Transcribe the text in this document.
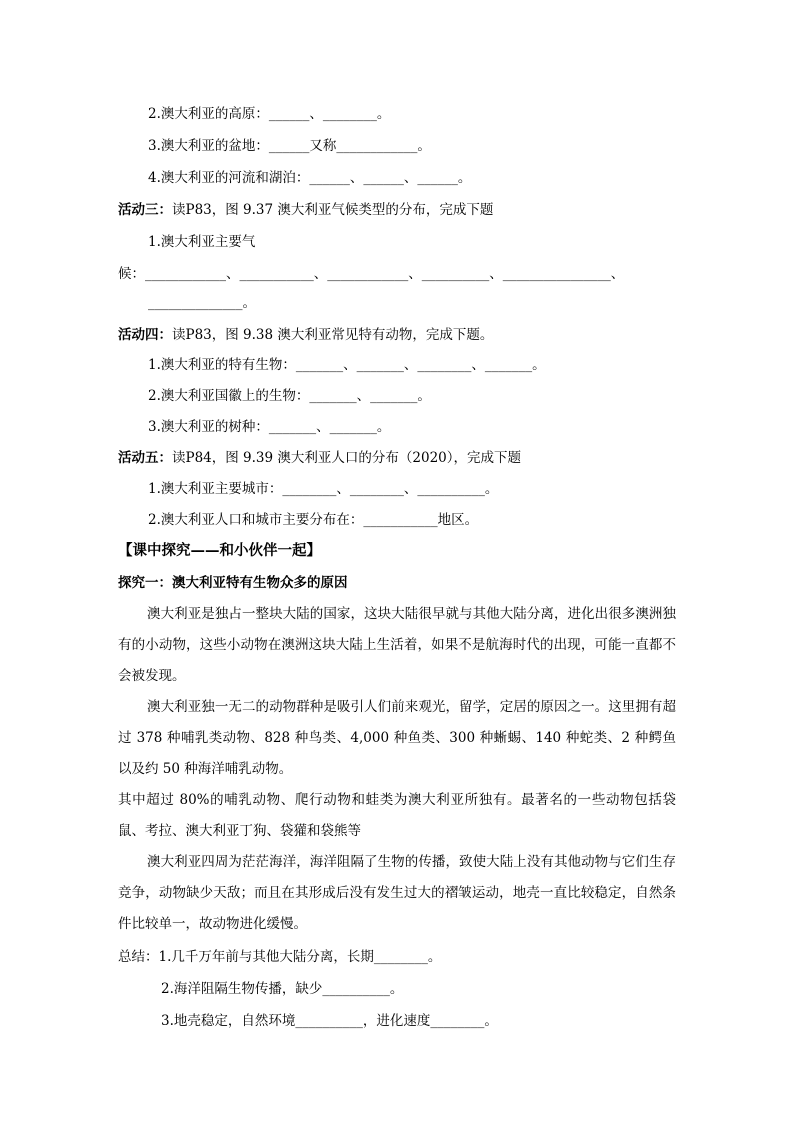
2.澳大利亚的高原：______、________。
3.澳大利亚的盆地：______又称____________。
4.澳大利亚的河流和湖泊：______、______、______。
活动三：读P83，图 9.37 澳大利亚气候类型的分布，完成下题
1.澳大利亚主要气
候：____________、___________、____________、__________、________________、
______________。
活动四：读P83，图 9.38 澳大利亚常见特有动物，完成下题。
1.澳大利亚的特有生物：_______、_______、________、_______。
2.澳大利亚国徽上的生物：_______、_______。
3.澳大利亚的树种：_______、_______。
活动五：读P84，图 9.39 澳大利亚人口的分布（2020），完成下题
1.澳大利亚主要城市：________、________、__________。
2.澳大利亚人口和城市主要分布在：___________地区。
【课中探究——和小伙伴一起】
探究一：澳大利亚特有生物众多的原因
澳大利亚是独占一整块大陆的国家，这块大陆很早就与其他大陆分离，进化出很多澳洲独有的小动物，这些小动物在澳洲这块大陆上生活着，如果不是航海时代的出现，可能一直都不会被发现。
澳大利亚独一无二的动物群种是吸引人们前来观光，留学，定居的原因之一。这里拥有超过 378 种哺乳类动物、828 种鸟类、4,000 种鱼类、300 种蜥蜴、140 种蛇类、2 种鳄鱼以及约 50 种海洋哺乳动物。
其中超过 80%的哺乳动物、爬行动物和蛙类为澳大利亚所独有。最著名的一些动物包括袋鼠、考拉、澳大利亚丁狗、袋獾和袋熊等
澳大利亚四周为茫茫海洋，海洋阻隔了生物的传播，致使大陆上没有其他动物与它们生存竞争，动物缺少天敌；而且在其形成后没有发生过大的褶皱运动，地壳一直比较稳定，自然条件比较单一，故动物进化缓慢。
总结：1.几千万年前与其他大陆分离，长期________。
2.海洋阻隔生物传播，缺少__________。
3.地壳稳定，自然环境__________，进化速度________。
